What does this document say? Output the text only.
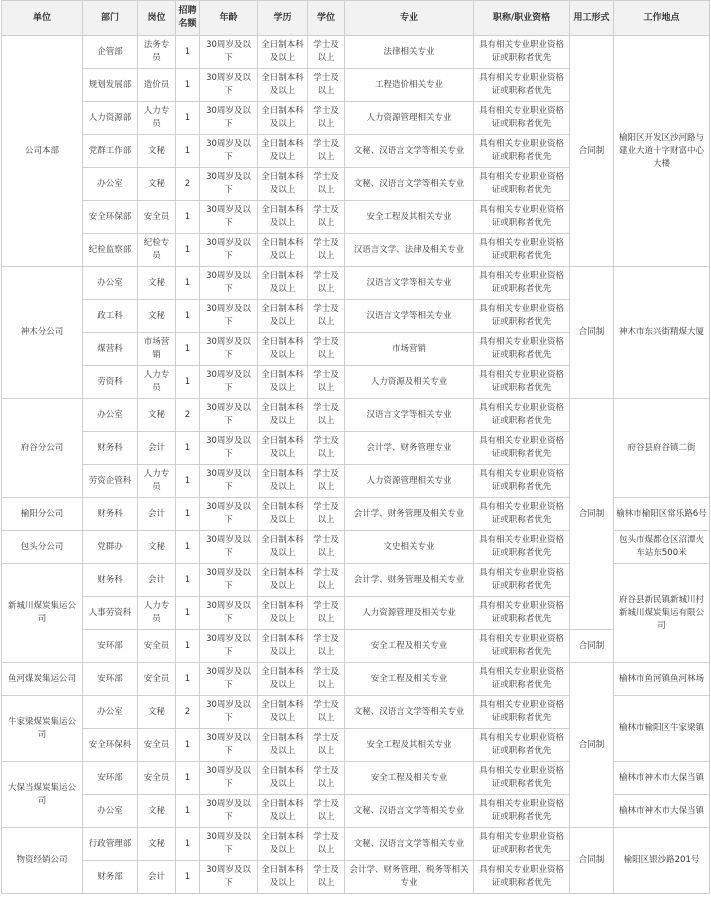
单位	部门	岗位	招聘名额	年龄	学历	学位	专业	职称/职业资格	用工形式	工作地点
公司本部	企管部	法务专员	1	30周岁及以下	全日制本科及以上	学士及以上	法律相关专业	具有相关专业职业资格证或职称者优先	合同制	榆阳区开发区沙河路与建业大道十字财富中心大楼
	规划发展部	造价员	1	30周岁及以下	全日制本科及以上	学士及以上	工程造价相关专业	具有相关专业职业资格证或职称者优先		
	人力资源部	人力专员	1	30周岁及以下	全日制本科及以上	学士及以上	人力资源管理相关专业	具有相关专业职业资格证或职称者优先		
	党群工作部	文秘	1	30周岁及以下	全日制本科及以上	学士及以上	文秘、汉语言文学等相关专业	具有相关专业职业资格证或职称者优先		
	办公室	文秘	2	30周岁及以下	全日制本科及以上	学士及以上	文秘、汉语言文学等相关专业	具有相关专业职业资格证或职称者优先		
	安全环保部	安全员	1	30周岁及以下	全日制本科及以上	学士及以上	安全工程及其相关专业	具有相关专业职业资格证或职称者优先		
	纪检监察部	纪检专员	1	30周岁及以下	全日制本科及以上	学士及以上	汉语言文学、法律及相关专业	具有相关专业职业资格证或职称者优先		
神木分公司	办公室	文秘	1	30周岁及以下	全日制本科及以上	学士及以上	汉语言文学等相关专业	具有相关专业职业资格证或职称者优先	合同制	神木市东兴街精煤大厦
	政工科	文秘	1	30周岁及以下	全日制本科及以上	学士及以上	汉语言文学等相关专业	具有相关专业职业资格证或职称者优先		
	煤营科	市场营销	1	30周岁及以下	全日制本科及以上	学士及以上	市场营销	具有相关专业职业资格证或职称者优先		
	劳资科	人力专员	1	30周岁及以下	全日制本科及以上	学士及以上	人力资源及相关专业	具有相关专业职业资格证或职称者优先		
府谷分公司	办公室	文秘	2	30周岁及以下	全日制本科及以上	学士及以上	汉语言文学等相关专业	具有相关专业职业资格证或职称者优先	合同制	府谷县府谷镇二街
	财务科	会计	1	30周岁及以下	全日制本科及以上	学士及以上	会计学、财务管理专业	具有相关专业职业资格证或职称者优先		
	劳资企管科	人力专员	1	30周岁及以下	全日制本科及以上	学士及以上	人力资源管理相关专业	具有相关专业职业资格证或职称者优先		
榆阳分公司	财务科	会计	1	30周岁及以下	全日制本科及以上	学士及以上	会计学、财务管理及相关专业	具有相关专业职业资格证或职称者优先		榆林市榆阳区常乐路6号
包头分公司	党群办	文秘	1	30周岁及以下	全日制本科及以上	学士及以上	文史相关专业	具有相关专业职业资格证或职称者优先		包头市煤都仓区沼潭火车站东500米
新城川煤炭集运公司	财务科	会计	1	30周岁及以下	全日制本科及以上	学士及以上	会计学、财务管理及相关专业	具有相关专业职业资格证或职称者优先		府谷县新民镇新城川村新城川煤炭集运有限公司
	人事劳资科	人力专员	1	30周岁及以下	全日制本科及以上	学士及以上	人力资源管理及相关专业	具有相关专业职业资格证或职称者优先		
	安环部	安全员	1	30周岁及以下	全日制本科及以上	学士及以上	安全工程及相关专业	具有相关专业职业资格证或职称者优先	合同制	
鱼河煤炭集运公司	安环部	安全员	1	30周岁及以下	全日制本科及以上	学士及以上	安全工程及相关专业	具有相关专业职业资格证或职称者优先	合同制	榆林市鱼河镇鱼河林场
牛家梁煤炭集运公司	办公室	文秘	2	30周岁及以下	全日制本科及以上	学士及以上	文秘、汉语言文学等相关专业	具有相关专业职业资格证或职称者优先		榆林市榆阳区牛家梁镇
	安全环保科	安全员	1	30周岁及以下	全日制本科及以上	学士及以上	安全工程及其相关专业	具有相关专业职业资格证或职称者优先		
大保当煤炭集运公司	安环部	安全员	1	30周岁及以下	全日制本科及以上	学士及以上	安全工程及相关专业	具有相关专业职业资格证或职称者优先		榆林市神木市大保当镇
	办公室	文秘	1	30周岁及以下	全日制本科及以上	学士及以上	文秘、汉语言文学等相关专业	具有相关专业职业资格证或职称者优先		榆林市神木市大保当镇
物资经销公司	行政管理部	文秘	1	30周岁及以下	全日制本科及以上	学士及以上	文秘、汉语言文学等相关专业	具有相关专业职业资格证或职称者优先	合同制	榆阳区银沙路201号
	财务部	会计	1	30周岁及以下	全日制本科及以上	学士及以上	会计学、财务管理、税务等相关专业	具有相关专业职业资格证或职称者优先		
